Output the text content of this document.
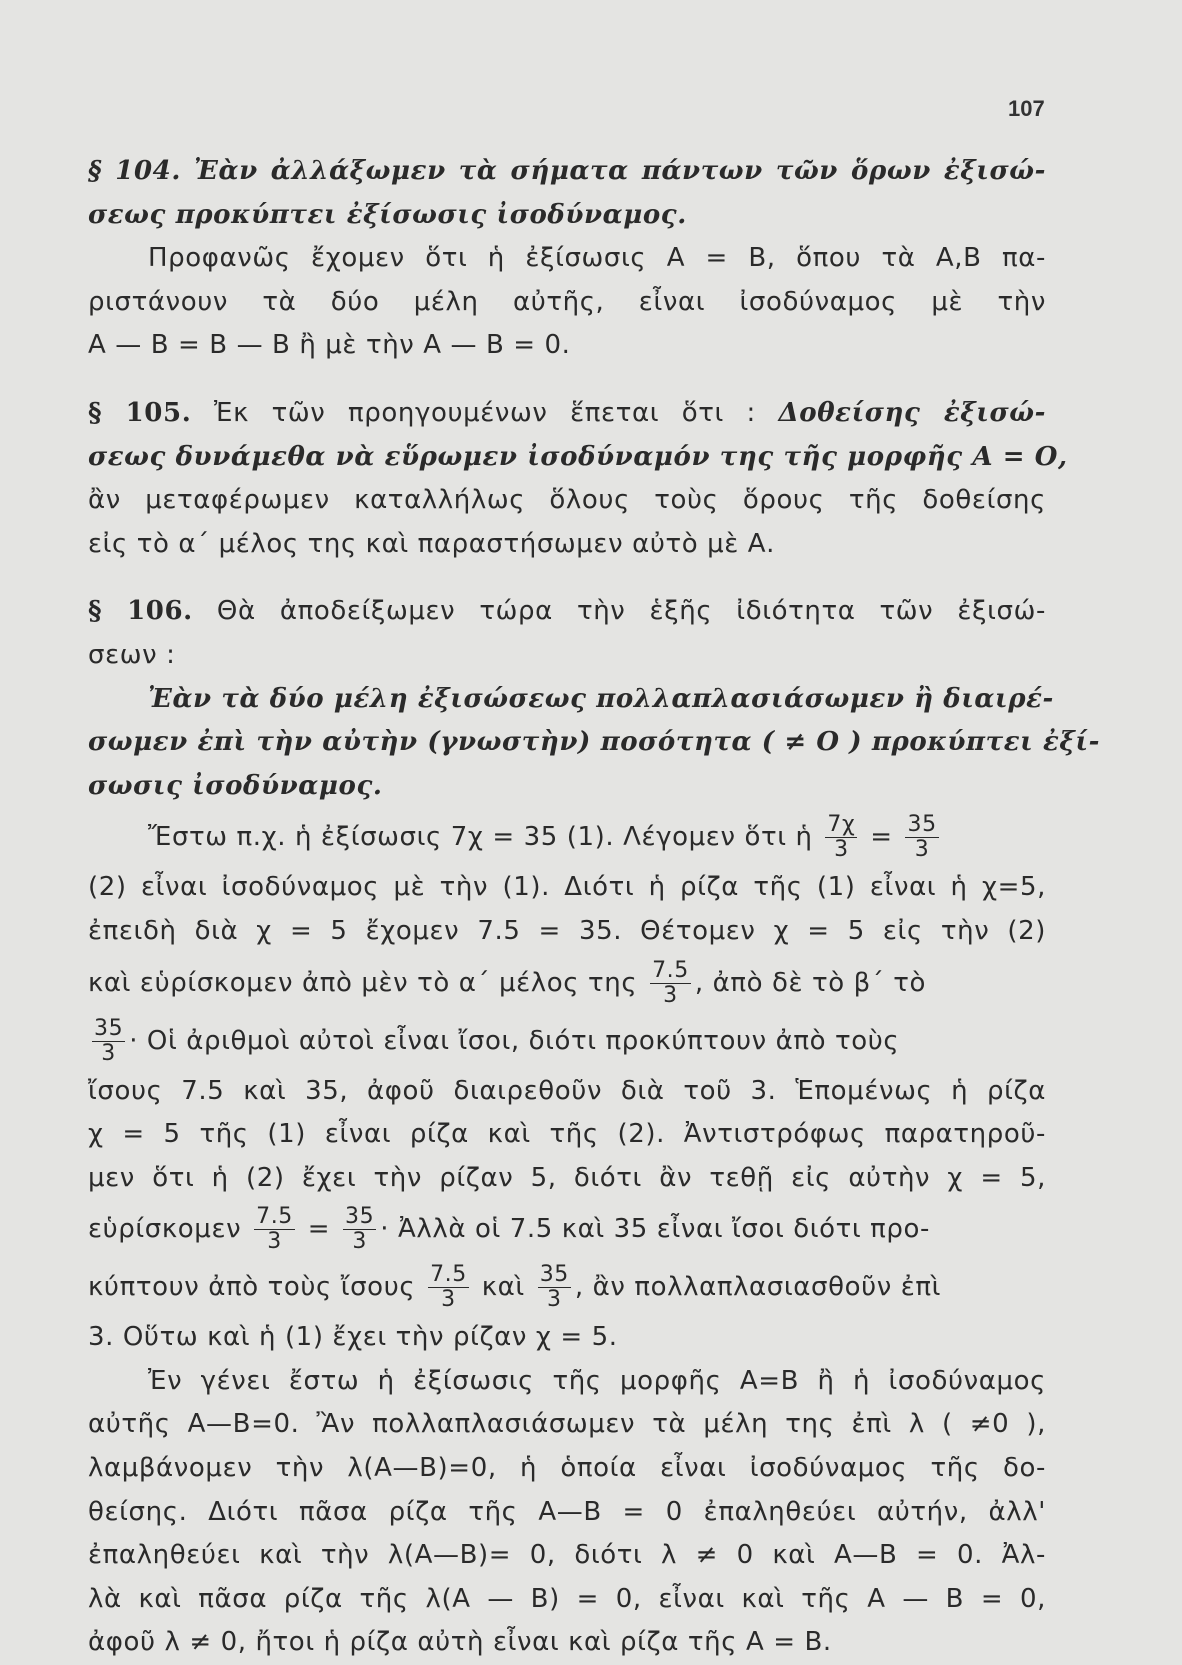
107
§ 104. Ἐὰν ἀλλάξωμεν τὰ σήματα πάντων τῶν ὅρων ἐξισώ-
σεως προκύπτει ἐξίσωσις ἰσοδύναμος.
Προφανῶς ἔχομεν ὅτι ἡ ἐξίσωσις Α = Β, ὅπου τὰ Α,Β πα-
ριστάνουν τὰ δύο μέλη αὐτῆς, εἶναι ἰσοδύναμος μὲ τὴν
Α — Β = Β — Β ἢ μὲ τὴν Α — Β = 0.
§ 105. Ἐκ τῶν προηγουμένων ἕπεται ὅτι : Δοθείσης ἐξισώ-
σεως δυνάμεθα νὰ εὕρωμεν ἰσοδύναμόν της τῆς μορφῆς Α = Ο,
ἂν μεταφέρωμεν καταλλήλως ὅλους τοὺς ὅρους τῆς δοθείσης
εἰς τὸ α΄ μέλος της καὶ παραστήσωμεν αὐτὸ μὲ Α.
§ 106. Θὰ ἀποδείξωμεν τώρα τὴν ἑξῆς ἰδιότητα τῶν ἐξισώ-
σεων :
Ἐὰν τὰ δύο μέλη ἐξισώσεως πολλαπλασιάσωμεν ἢ διαιρέ-
σωμεν ἐπὶ τὴν αὐτὴν (γνωστὴν) ποσότητα ( ≠ Ο ) προκύπτει ἐξί-
σωσις ἰσοδύναμος.
Ἔστω π.χ. ἡ ἐξίσωσις 7χ = 35 (1). Λέγομεν ὅτι ἡ $\frac{7\chi}{3} = \frac{35}{3}$
(2) εἶναι ἰσοδύναμος μὲ τὴν (1). Διότι ἡ ρίζα τῆς (1) εἶναι ἡ χ=5,
ἐπειδὴ διὰ χ = 5 ἔχομεν 7.5 = 35. Θέτομεν χ = 5 εἰς τὴν (2)
καὶ εὑρίσκομεν ἀπὸ μὲν τὸ α΄ μέλος της $\frac{7.5}{3}$ , ἀπὸ δὲ τὸ β΄ τὸ
$\frac{35}{3}$ · Οἱ ἀριθμοὶ αὐτοὶ εἶναι ἴσοι, διότι προκύπτουν ἀπὸ τοὺς
ἴσους 7.5 καὶ 35, ἀφοῦ διαιρεθοῦν διὰ τοῦ 3. Ἑπομένως ἡ ρίζα
χ = 5 τῆς (1) εἶναι ρίζα καὶ τῆς (2). Ἀντιστρόφως παρατηροῦ-
μεν ὅτι ἡ (2) ἔχει τὴν ρίζαν 5, διότι ἂν τεθῇ εἰς αὐτὴν χ = 5,
εὑρίσκομεν $\frac{7.5}{3} = \frac{35}{3}$ · Ἀλλὰ οἱ 7.5 καὶ 35 εἶναι ἴσοι διότι προ-
κύπτουν ἀπὸ τοὺς ἴσους $\frac{7.5}{3}$ καὶ $\frac{35}{3}$ , ἂν πολλαπλασιασθοῦν ἐπὶ
3. Οὕτω καὶ ἡ (1) ἔχει τὴν ρίζαν χ = 5.
Ἐν γένει ἔστω ἡ ἐξίσωσις τῆς μορφῆς Α=Β ἢ ἡ ἰσοδύναμος
αὐτῆς Α—Β=0. Ἂν πολλαπλασιάσωμεν τὰ μέλη της ἐπὶ λ ( ≠0 ),
λαμβάνομεν τὴν λ(Α—Β)=0, ἡ ὁποία εἶναι ἰσοδύναμος τῆς δο-
θείσης. Διότι πᾶσα ρίζα τῆς Α—Β = 0 ἐπαληθεύει αὐτήν, ἀλλ'
ἐπαληθεύει καὶ τὴν λ(Α—Β)= 0, διότι λ ≠ 0 καὶ Α—Β = 0. Ἀλ-
λὰ καὶ πᾶσα ρίζα τῆς λ(Α — Β) = 0, εἶναι καὶ τῆς Α — Β = 0,
ἀφοῦ λ ≠ 0, ἤτοι ἡ ρίζα αὐτὴ εἶναι καὶ ρίζα τῆς Α = Β.
